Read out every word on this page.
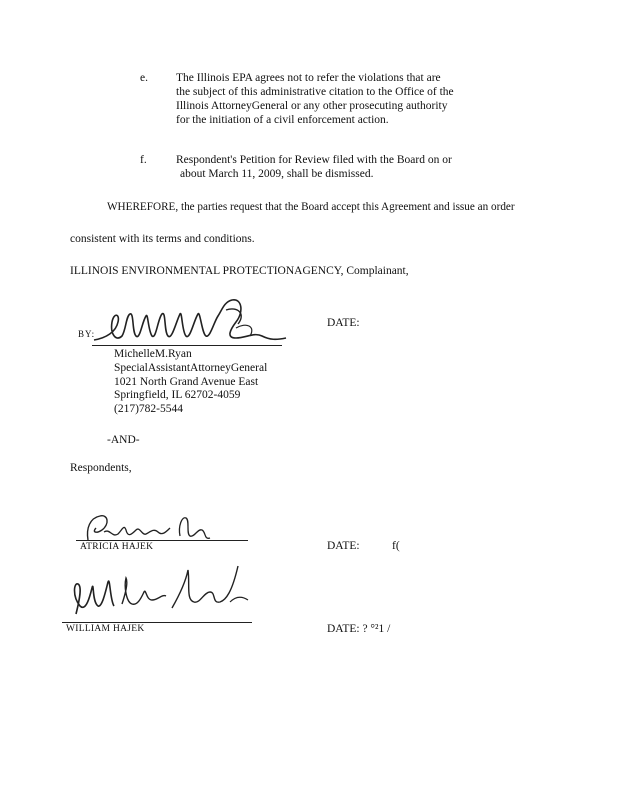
e. The Illinois EPA agrees not to refer the violations that are
the subject of this administrative citation to the Office of the
Illinois AttorneyGeneral or any other prosecuting authority
for the initiation of a civil enforcement action.
f.	Respondent's Petition for Review filed with the Board on or
about March 11, 2009, shall be dismissed.
WHEREFORE, the parties request that the Board accept this Agreement and issue an order
consistent with its terms and conditions.
ILLINOIS ENVIRONMENTAL PROTECTIONAGENCY, Complainant,
BY:
DATE:
MichelleM.Ryan
SpecialAssistantAttorneyGeneral
1021 North Grand Avenue East
Springfield, IL 62702-4059
(217)782-5544
-AND-
Respondents,
ATRICIA HAJEK	DATE:	f(
WILLIAM HAJEK	DATE: ? °²1 /
